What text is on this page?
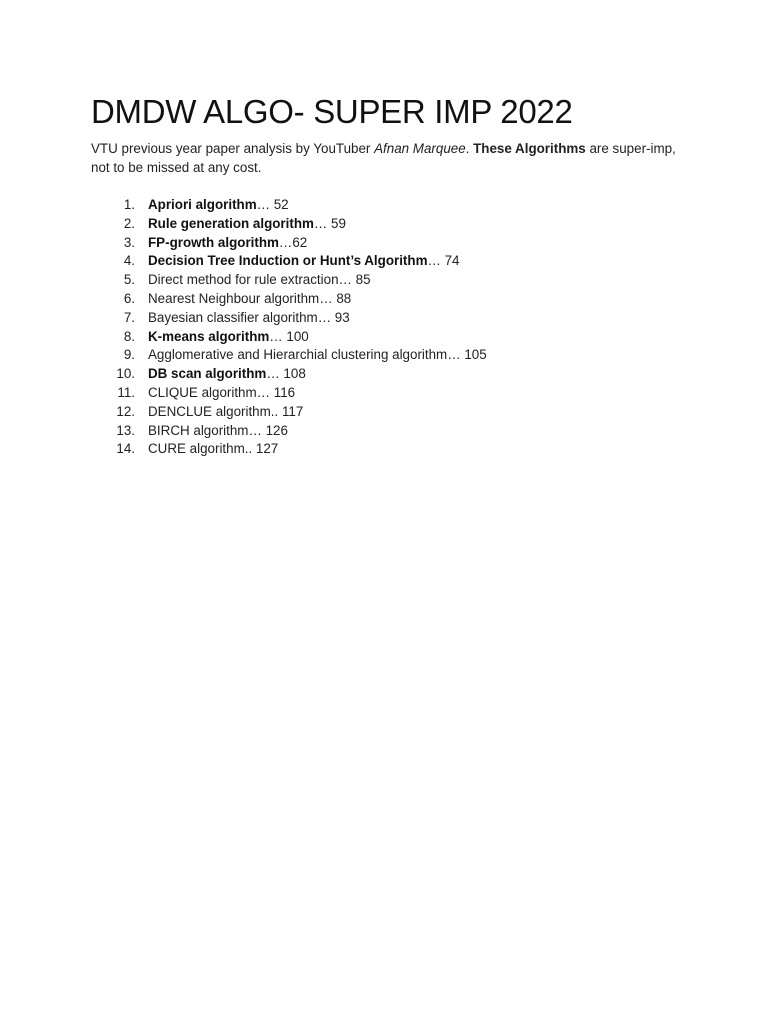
DMDW ALGO- SUPER IMP 2022

VTU previous year paper analysis by YouTuber Afnan Marquee. These Algorithms are super-imp, not to be missed at any cost.

1. Apriori algorithm… 52
2. Rule generation algorithm… 59
3. FP-growth algorithm…62
4. Decision Tree Induction or Hunt’s Algorithm… 74
5. Direct method for rule extraction… 85
6. Nearest Neighbour algorithm… 88
7. Bayesian classifier algorithm… 93
8. K-means algorithm… 100
9. Agglomerative and Hierarchial clustering algorithm… 105
10. DB scan algorithm… 108
11. CLIQUE algorithm… 116
12. DENCLUE algorithm.. 117
13. BIRCH algorithm… 126
14. CURE algorithm.. 127
